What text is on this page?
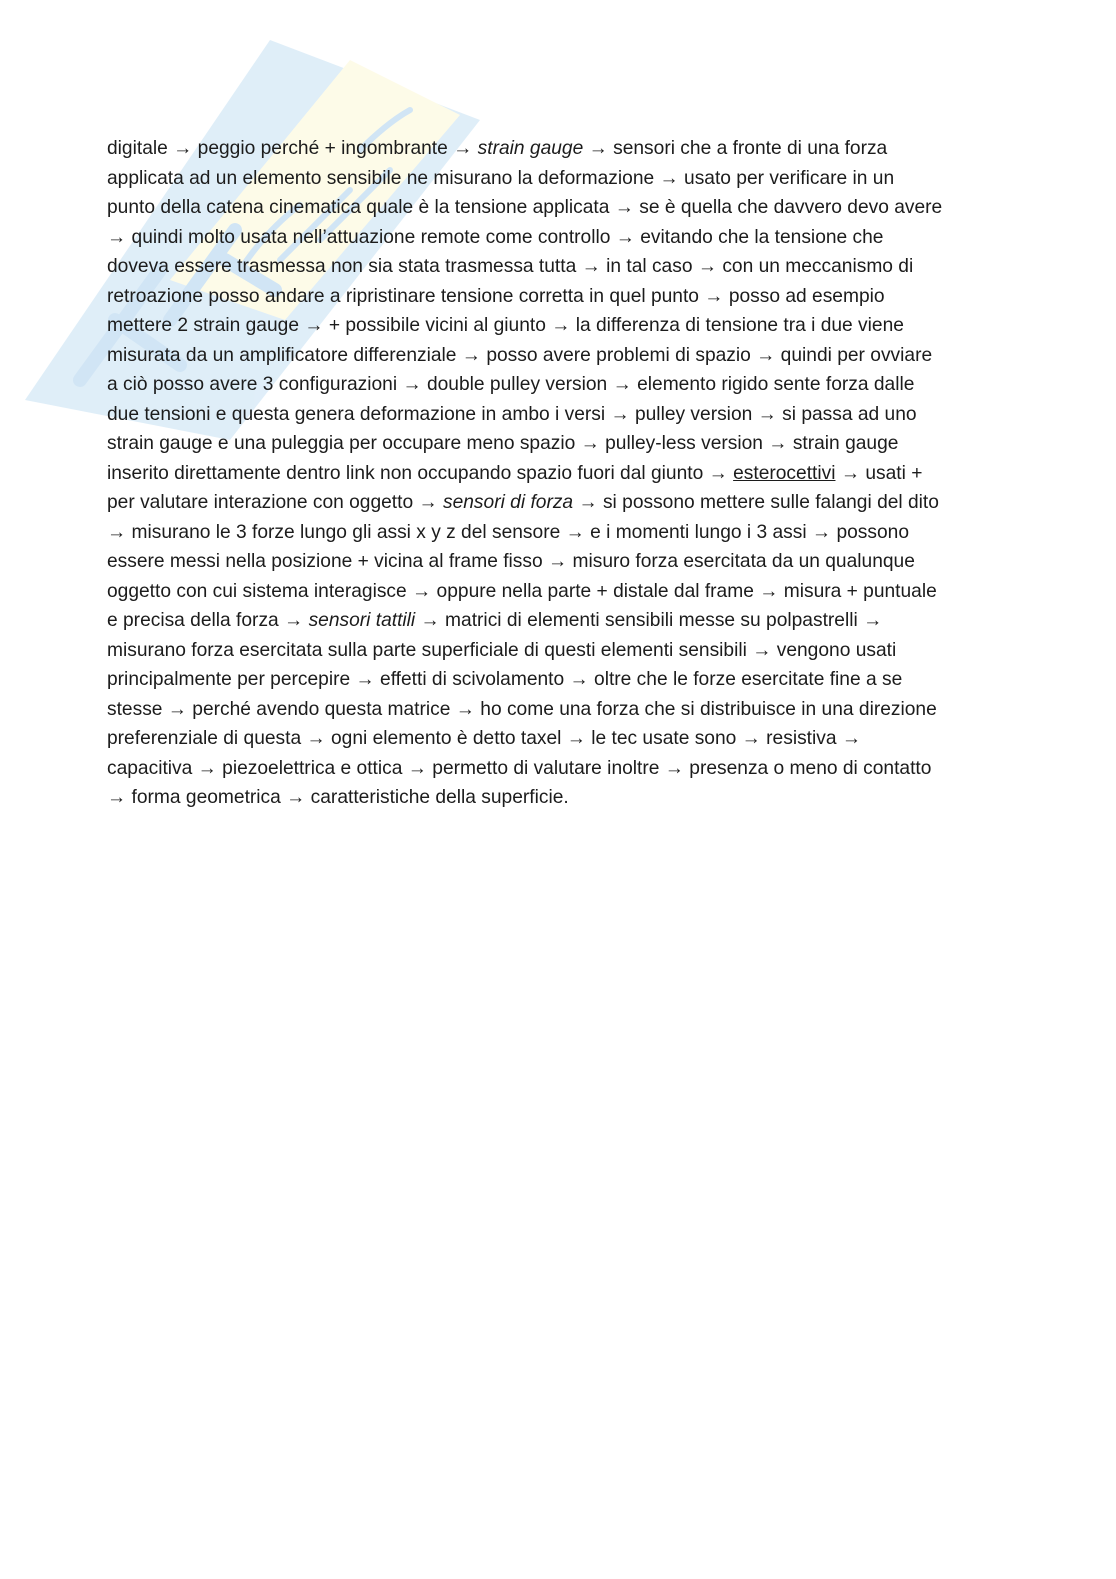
digitale → peggio perché + ingombrante → strain gauge → sensori che a fronte di una forza
applicata ad un elemento sensibile ne misurano la deformazione → usato per verificare in un
punto della catena cinematica quale è la tensione applicata → se è quella che davvero devo avere
→ quindi molto usata nell’attuazione remote come controllo → evitando che la tensione che
doveva essere trasmessa non sia stata trasmessa tutta → in tal caso → con un meccanismo di
retroazione posso andare a ripristinare tensione corretta in quel punto → posso ad esempio
mettere 2 strain gauge → + possibile vicini al giunto → la differenza di tensione tra i due viene
misurata da un amplificatore differenziale → posso avere problemi di spazio → quindi per ovviare
a ciò posso avere 3 configurazioni → double pulley version → elemento rigido sente forza dalle
due tensioni e questa genera deformazione in ambo i versi → pulley version → si passa ad uno
strain gauge e una puleggia per occupare meno spazio → pulley-less version → strain gauge
inserito direttamente dentro link non occupando spazio fuori dal giunto → esterocettivi → usati +
per valutare interazione con oggetto → sensori di forza → si possono mettere sulle falangi del dito
→ misurano le 3 forze lungo gli assi x y z del sensore → e i momenti lungo i 3 assi → possono
essere messi nella posizione + vicina al frame fisso → misuro forza esercitata da un qualunque
oggetto con cui sistema interagisce → oppure nella parte + distale dal frame → misura + puntuale
e precisa della forza → sensori tattili → matrici di elementi sensibili messe su polpastrelli →
misurano forza esercitata sulla parte superficiale di questi elementi sensibili → vengono usati
principalmente per percepire → effetti di scivolamento → oltre che le forze esercitate fine a se
stesse → perché avendo questa matrice → ho come una forza che si distribuisce in una direzione
preferenziale di questa → ogni elemento è detto taxel → le tec usate sono → resistiva →
capacitiva → piezoelettrica e ottica → permetto di valutare inoltre → presenza o meno di contatto
→ forma geometrica → caratteristiche della superficie.
